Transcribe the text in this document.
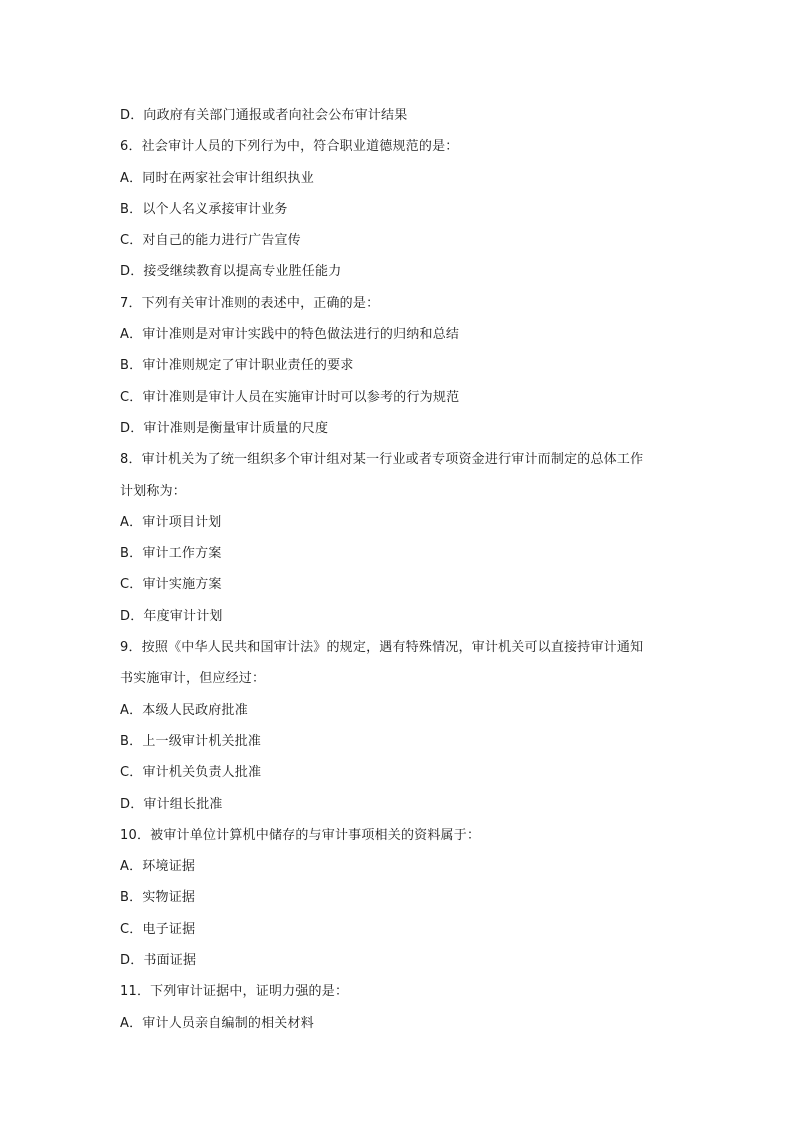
D．向政府有关部门通报或者向社会公布审计结果
6．社会审计人员的下列行为中，符合职业道德规范的是：
A．同时在两家社会审计组织执业
B．以个人名义承接审计业务
C．对自己的能力进行广告宣传
D．接受继续教育以提高专业胜任能力
7．下列有关审计准则的表述中，正确的是：
A．审计准则是对审计实践中的特色做法进行的归纳和总结
B．审计准则规定了审计职业责任的要求
C．审计准则是审计人员在实施审计时可以参考的行为规范
D．审计准则是衡量审计质量的尺度
8．审计机关为了统一组织多个审计组对某一行业或者专项资金进行审计而制定的总体工作
计划称为：
A．审计项目计划
B．审计工作方案
C．审计实施方案
D．年度审计计划
9．按照《中华人民共和国审计法》的规定，遇有特殊情况，审计机关可以直接持审计通知
书实施审计，但应经过：
A．本级人民政府批准
B．上一级审计机关批准
C．审计机关负责人批准
D．审计组长批准
10．被审计单位计算机中储存的与审计事项相关的资料属于：
A．环境证据
B．实物证据
C．电子证据
D．书面证据
11．下列审计证据中，证明力强的是：
A．审计人员亲自编制的相关材料
